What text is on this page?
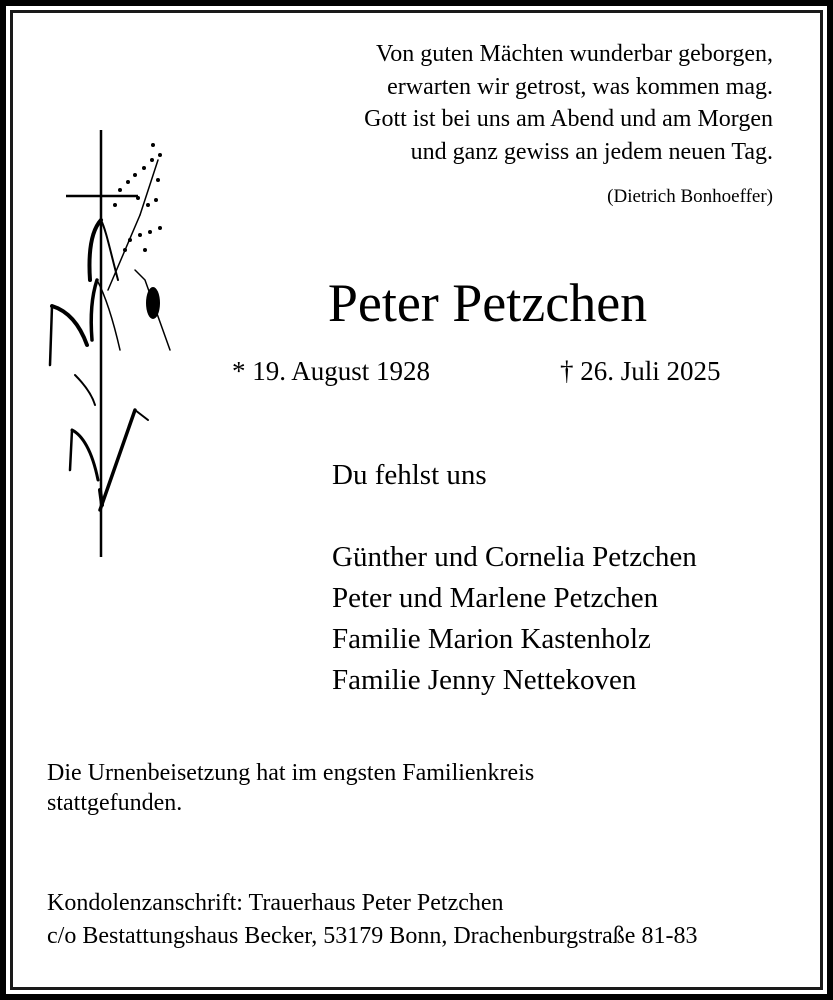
Von guten Mächten wunderbar geborgen,
erwarten wir getrost, was kommen mag.
Gott ist bei uns am Abend und am Morgen
und ganz gewiss an jedem neuen Tag.
(Dietrich Bonhoeffer)
Peter Petzchen
* 19. August 1928	† 26. Juli 2025
Du fehlst uns
Günther und Cornelia Petzchen
Peter und Marlene Petzchen
Familie Marion Kastenholz
Familie Jenny Nettekoven
Die Urnenbeisetzung hat im engsten Familienkreis
stattgefunden.
Kondolenzanschrift: Trauerhaus Peter Petzchen
c/o Bestattungshaus Becker, 53179 Bonn, Drachenburgstraße 81-83
